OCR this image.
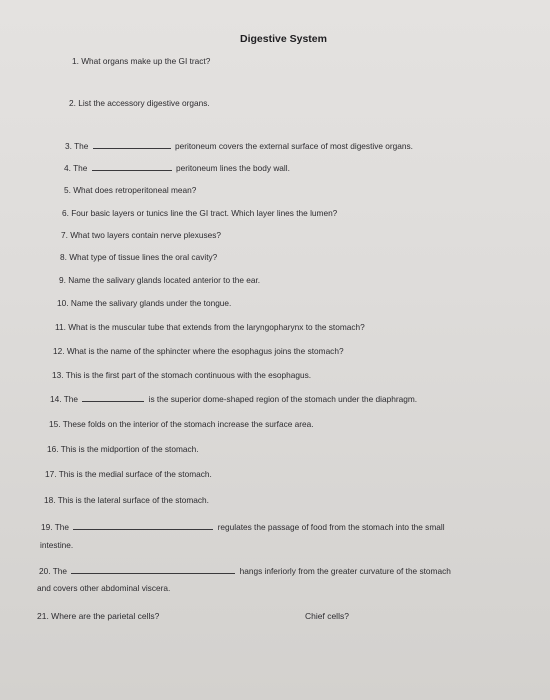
Digestive System
1. What organs make up the GI tract?
2. List the accessory digestive organs.
3. The	peritoneum covers the external surface of most digestive organs.
4. The	peritoneum lines the body wall.
5. What does retroperitoneal mean?
6. Four basic layers or tunics line the GI tract. Which layer lines the lumen?
7. What two layers contain nerve plexuses?
8. What type of tissue lines the oral cavity?
9. Name the salivary glands located anterior to the ear.
10. Name the salivary glands under the tongue.
11. What is the muscular tube that extends from the laryngopharynx to the stomach?
12. What is the name of the sphincter where the esophagus joins the stomach?
13. This is the first part of the stomach continuous with the esophagus.
14. The	is the superior dome-shaped region of the stomach under the diaphragm.
15. These folds on the interior of the stomach increase the surface area.
16. This is the midportion of the stomach.
17. This is the medial surface of the stomach.
18. This is the lateral surface of the stomach.
19. The	regulates the passage of food from the stomach into the small
intestine.
20. The	hangs inferiorly from the greater curvature of the stomach
and covers other abdominal viscera.
21. Where are the parietal cells?	Chief cells?
